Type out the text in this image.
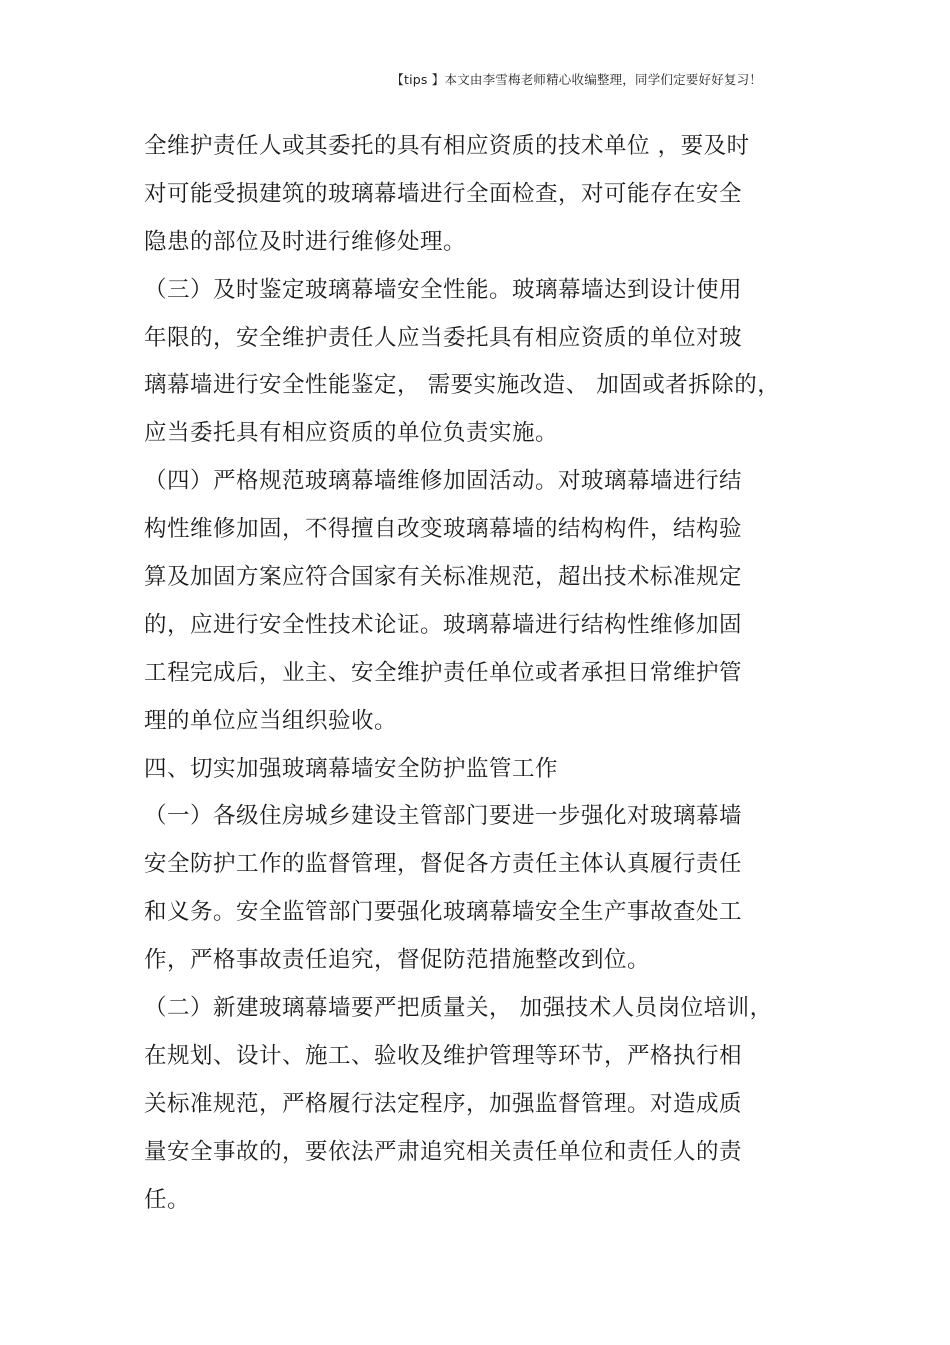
【tips 】本文由李雪梅老师精心收编整理，同学们定要好好复习！
全维护责任人或其委托的具有相应资质的技术单位 ，要及时
对可能受损建筑的玻璃幕墙进行全面检查，对可能存在安全
隐患的部位及时进行维修处理。
（三）及时鉴定玻璃幕墙安全性能。玻璃幕墙达到设计使用
年限的，安全维护责任人应当委托具有相应资质的单位对玻
璃幕墙进行安全性能鉴定， 需要实施改造、 加固或者拆除的，
应当委托具有相应资质的单位负责实施。
（四）严格规范玻璃幕墙维修加固活动。对玻璃幕墙进行结
构性维修加固，不得擅自改变玻璃幕墙的结构构件，结构验
算及加固方案应符合国家有关标准规范，超出技术标准规定
的，应进行安全性技术论证。玻璃幕墙进行结构性维修加固
工程完成后，业主、安全维护责任单位或者承担日常维护管
理的单位应当组织验收。
四、切实加强玻璃幕墙安全防护监管工作
（一）各级住房城乡建设主管部门要进一步强化对玻璃幕墙
安全防护工作的监督管理，督促各方责任主体认真履行责任
和义务。安全监管部门要强化玻璃幕墙安全生产事故查处工
作，严格事故责任追究，督促防范措施整改到位。
（二）新建玻璃幕墙要严把质量关， 加强技术人员岗位培训，
在规划、设计、施工、验收及维护管理等环节，严格执行相
关标准规范，严格履行法定程序，加强监督管理。对造成质
量安全事故的，要依法严肃追究相关责任单位和责任人的责
任。
